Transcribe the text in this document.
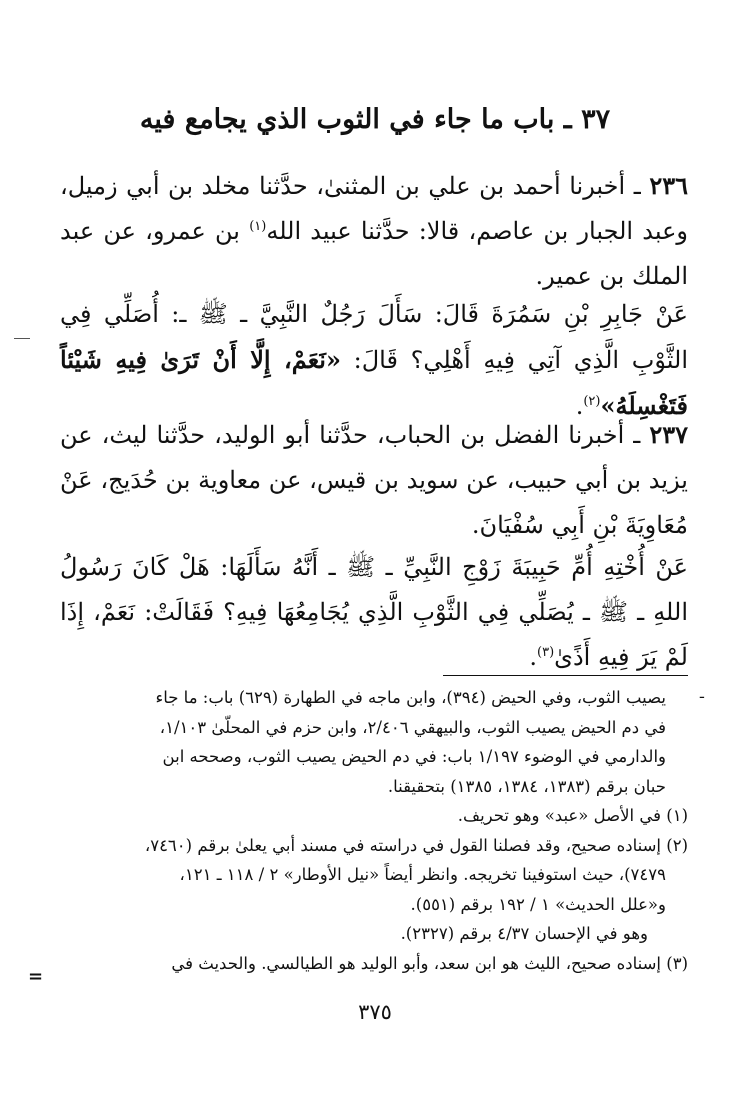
٣٧ ـ باب ما جاء في الثوب الذي يجامع فيه

٢٣٦ ـ أخبرنا أحمد بن علي بن المثنىٰ، حدَّثنا مخلد بن أبي زميل، وعبد الجبار بن عاصم، قالا: حدَّثنا عبيد الله$^{(١)}$ بن عمرو، عن عبد الملك بن عمير.

عَنْ جَابِرِ بْنِ سَمُرَةَ قَالَ: سَأَلَ رَجُلٌ النَّبِيَّ ـ ﷺ ـ: أُصَلِّي فِي الثَّوْبِ الَّذِي آتِي فِيهِ أَهْلِي؟ قَالَ: «نَعَمْ، إِلَّا أَنْ تَرَىٰ فِيهِ شَيْئاً فَتَغْسِلَهُ»$^{(٢)}$.

٢٣٧ ـ أخبرنا الفضل بن الحباب، حدَّثنا أبو الوليد، حدَّثنا ليث، عن يزيد بن أبي حبيب، عن سويد بن قيس، عن معاوية بن حُدَيج، عَنْ مُعَاوِيَةَ بْنِ أَبِي سُفْيَانَ.

عَنْ أُخْتِهِ أُمِّ حَبِيبَةَ زَوْجِ النَّبِيِّ ـ ﷺ ـ أَنَّهُ سَأَلَهَا: هَلْ كَانَ رَسُولُ اللهِ ـ ﷺ ـ يُصَلِّي فِي الثَّوْبِ الَّذِي يُجَامِعُهَا فِيهِ؟ فَقَالَتْ: نَعَمْ، إِذَا لَمْ يَرَ فِيهِ أَذًىٰ$^{(٣)}$.

ـ

يصيب الثوب، وفي الحيض (٣٩٤)، وابن ماجه في الطهارة (٦٢٩) باب: ما جاء

في دم الحيض يصيب الثوب، والبيهقي ٢/٤٠٦، وابن حزم في المحلّىٰ ١/١٠٣،

والدارمي في الوضوء ١/١٩٧ باب: في دم الحيض يصيب الثوب، وصححه ابن

حبان برقم (١٣٨٣، ١٣٨٤، ١٣٨٥) بتحقيقنا.

(١) في الأصل «عبد» وهو تحريف.

(٢) إسناده صحيح، وقد فصلنا القول في دراسته في مسند أبي يعلىٰ برقم (٧٤٦٠،

٧٤٧٩)، حيث استوفينا تخريجه. وانظر أيضاً «نيل الأوطار» ٢ / ١١٨ ـ ١٢١،

و«علل الحديث» ١ / ١٩٢ برقم (٥٥١).

وهو في الإحسان ٤/٣٧ برقم (٢٣٢٧).

(٣) إسناده صحيح، الليث هو ابن سعد، وأبو الوليد هو الطيالسي. والحديث في

=
٣٧٥
